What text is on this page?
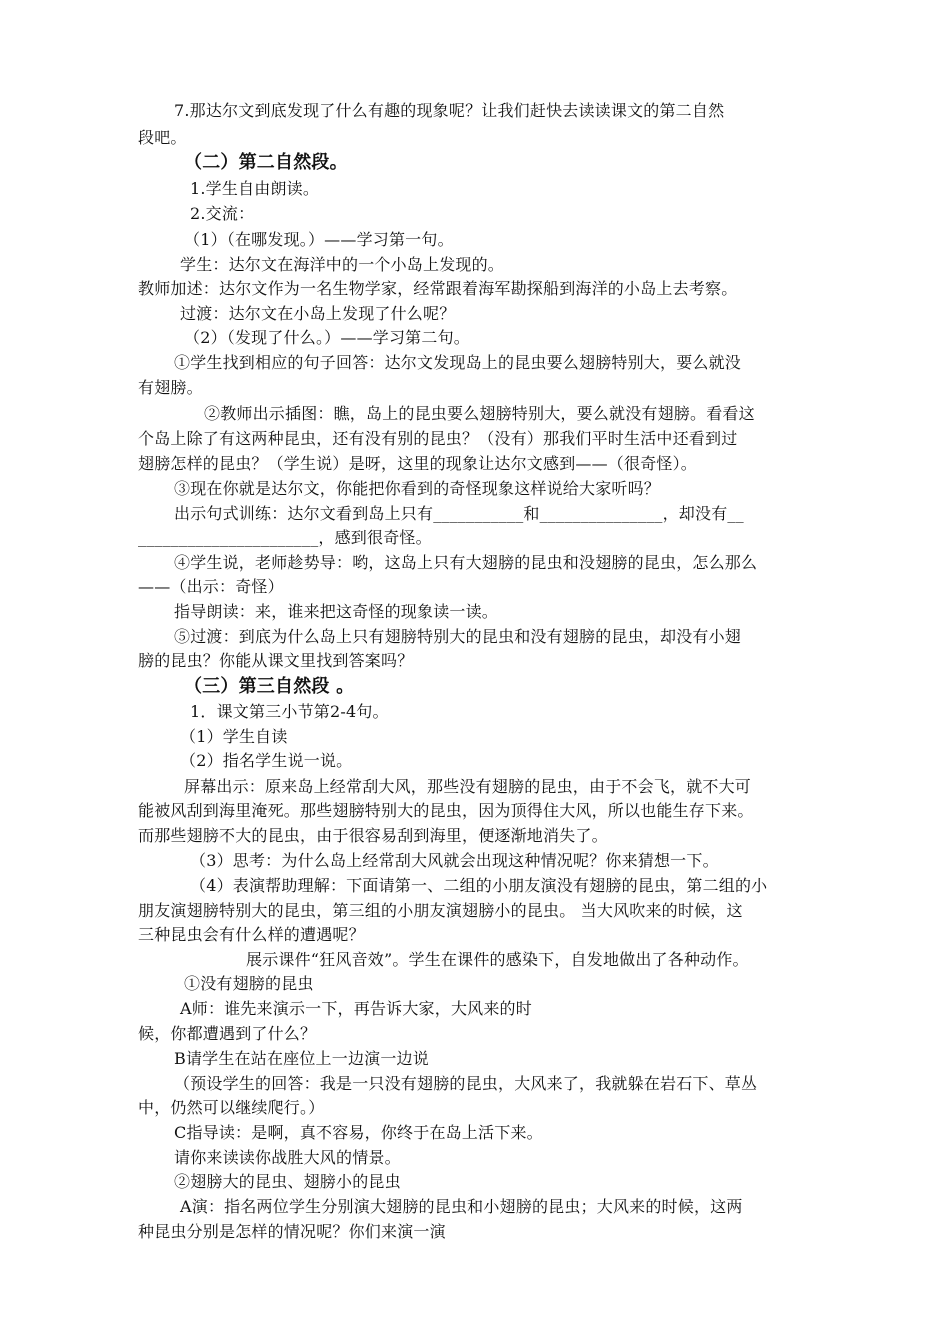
7.那达尔文到底发现了什么有趣的现象呢？让我们赶快去读读课文的第二自然
段吧。
（二）第二自然段。
1.学生自由朗读。
2.交流：
（1）（在哪发现。）——学习第一句。
学生：达尔文在海洋中的一个小岛上发现的。
教师加述：达尔文作为一名生物学家，经常跟着海军勘探船到海洋的小岛上去考察。
过渡：达尔文在小岛上发现了什么呢？
（2）（发现了什么。）——学习第二句。
①学生找到相应的句子回答：达尔文发现岛上的昆虫要么翅膀特别大，要么就没
有翅膀。
②教师出示插图：瞧，岛上的昆虫要么翅膀特别大，要么就没有翅膀。看看这
个岛上除了有这两种昆虫，还有没有别的昆虫？（没有）那我们平时生活中还看到过
翅膀怎样的昆虫？（学生说）是呀，这里的现象让达尔文感到——（很奇怪）。
③现在你就是达尔文，你能把你看到的奇怪现象这样说给大家听吗？
出示句式训练：达尔文看到岛上只有___________和_______________，却没有__
______________________，感到很奇怪。
④学生说，老师趁势导：哟，这岛上只有大翅膀的昆虫和没翅膀的昆虫，怎么那么
——（出示：奇怪）
指导朗读：来，谁来把这奇怪的现象读一读。
⑤过渡：到底为什么岛上只有翅膀特别大的昆虫和没有翅膀的昆虫，却没有小翅
膀的昆虫？你能从课文里找到答案吗？
（三）第三自然段 。
1．课文第三小节第2-4句。
（1）学生自读
（2）指名学生说一说。
屏幕出示：原来岛上经常刮大风，那些没有翅膀的昆虫，由于不会飞，就不大可
能被风刮到海里淹死。那些翅膀特别大的昆虫，因为顶得住大风，所以也能生存下来。
而那些翅膀不大的昆虫，由于很容易刮到海里，便逐渐地消失了。
（3）思考：为什么岛上经常刮大风就会出现这种情况呢？你来猜想一下。
（4）表演帮助理解：下面请第一、二组的小朋友演没有翅膀的昆虫，第二组的小
朋友演翅膀特别大的昆虫，第三组的小朋友演翅膀小的昆虫。 当大风吹来的时候，这
三种昆虫会有什么样的遭遇呢？
展示课件“狂风音效”。学生在课件的感染下，自发地做出了各种动作。
①没有翅膀的昆虫
A师：谁先来演示一下，再告诉大家，大风来的时
候，你都遭遇到了什么？
B请学生在站在座位上一边演一边说
（预设学生的回答：我是一只没有翅膀的昆虫，大风来了，我就躲在岩石下、草丛
中，仍然可以继续爬行。）
C指导读：是啊，真不容易，你终于在岛上活下来。
请你来读读你战胜大风的情景。
②翅膀大的昆虫、翅膀小的昆虫
A演：指名两位学生分别演大翅膀的昆虫和小翅膀的昆虫；大风来的时候，这两
种昆虫分别是怎样的情况呢？你们来演一演
